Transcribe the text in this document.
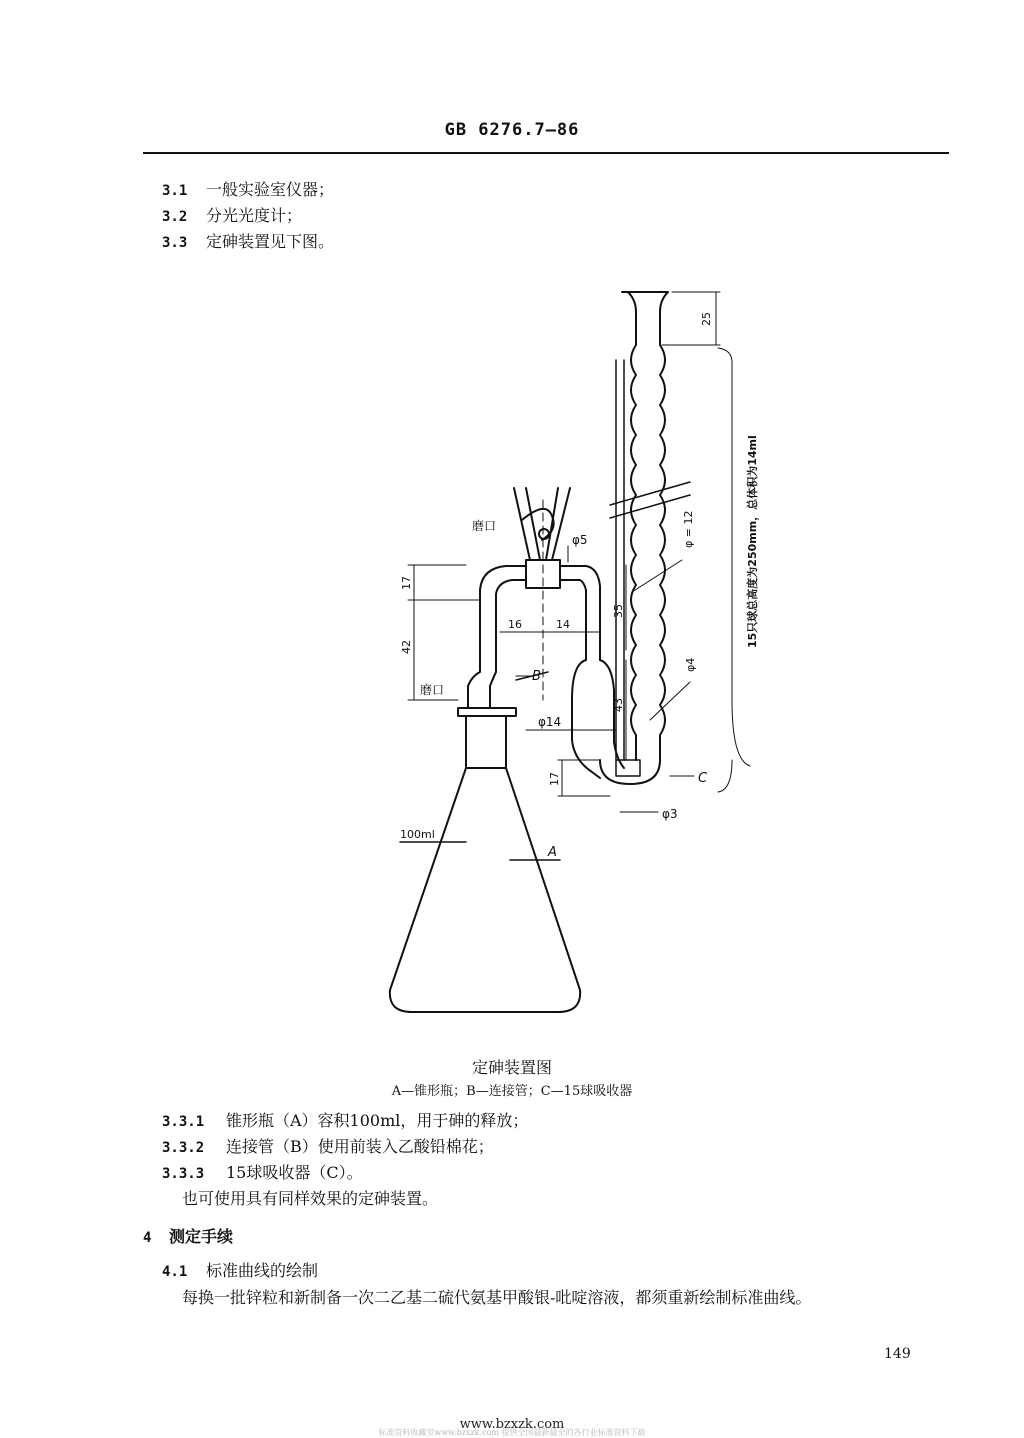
GB 6276.7—86
3.1 一般实验室仪器；
3.2 分光光度计；
3.3 定砷装置见下图。
磨口
磨口
φ5	φ = 12
φ14
φ4
φ3
100ml
A
B
C
25
17
42
16	14
35
43
17
15只球总高度为250mm，总体积为14ml
定砷装置图
A—锥形瓶；B—连接管；C—15球吸收器
3.3.1 锥形瓶（A）容积100ml，用于砷的释放；
3.3.2 连接管（B）使用前装入乙酸铅棉花；
3.3.3 15球吸收器（C）。
也可使用具有同样效果的定砷装置。
4 测定手续
4.1 标准曲线的绘制
每换一批锌粒和新制备一次二乙基二硫代氨基甲酸银-吡啶溶液，都须重新绘制标准曲线。
149
www.bzxzk.com
标准资料收藏室www.bzxzk.com 提供全国最新最全的各行业标准资料下载
